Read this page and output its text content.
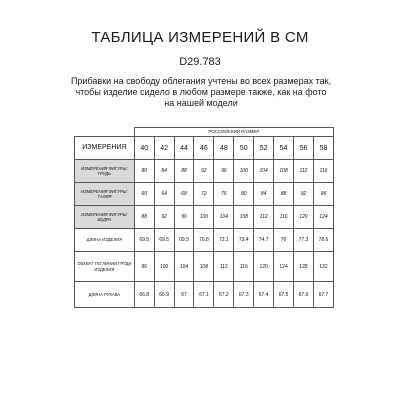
ТАБЛИЦА ИЗМЕРЕНИЙ В СМ
D29.783
Прибавки на свободу облегания учтены во всех размерах так, чтобы изделие сидело в любом размере также, как на фото на нашей модели
	РОССИЙСКИЙ РАЗМЕР									
ИЗМЕРЕНИЯ	40	42	44	46	48	50	52	54	56	58
ИЗМЕРЕНИЯ ФИГУРЫ: ГРУДЬ	80	84	88	92	96	100	104	108	112	116
ИЗМЕРЕНИЯ ФИГУРЫ: ТАЛИЯ	60	64	68	72	76	80	84	88	92	96
ИЗМЕРЕНИЯ ФИГУРЫ: БЕДРА	88	92	96	100	104	108	112	116	120	124
ДЛИНА ИЗДЕЛИЯ	69.5	69.5	69.5	70.8	72.1	73.4	74.7	76	77.3	78.6
ОБХВАТ ПО ЛИНИИ ГРУДИ ИЗДЕЛИЯ	96	100	104	108	112	116	120	124	128	132
ДЛИНА РУКАВА	66.8	66.9	67	67.1	67.2	67.3	67.4	67.5	67.6	67.7
